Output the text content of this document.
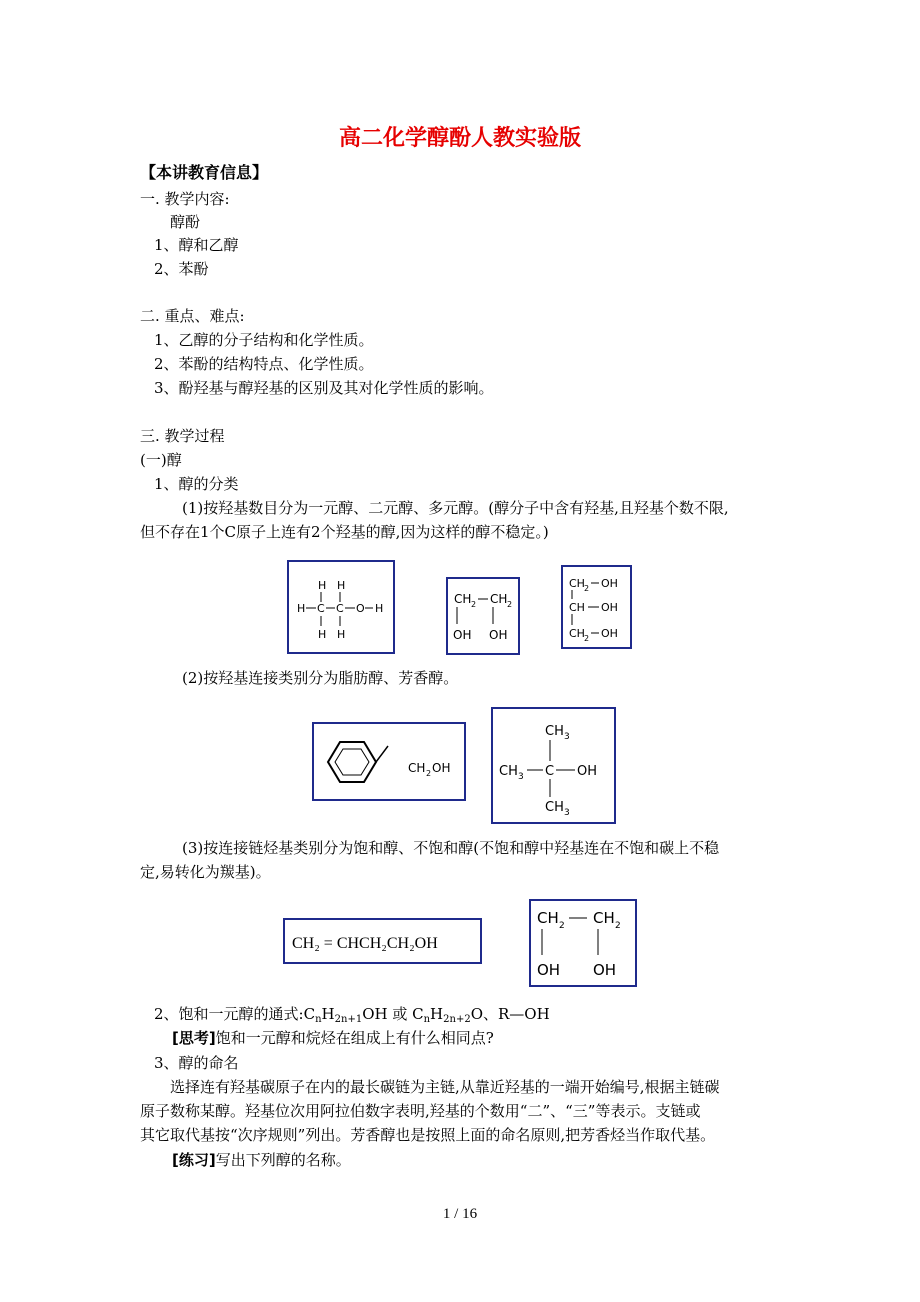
高二化学醇酚人教实验版
【本讲教育信息】
一. 教学内容:
醇酚
1、醇和乙醇
2、苯酚
二. 重点、难点:
1、乙醇的分子结构和化学性质。
2、苯酚的结构特点、化学性质。
3、酚羟基与醇羟基的区别及其对化学性质的影响。
三. 教学过程
(一)醇
1、醇的分类
(1)按羟基数目分为一元醇、二元醇、多元醇。(醇分子中含有羟基,且羟基个数不限,
但不存在1个C原子上连有2个羟基的醇,因为这样的醇不稳定。)
H H
H C C O H
H H
CH 2 CH 2
OH OH
CH 2 OH
CH OH
CH 2 OH
(2)按羟基连接类别分为脂肪醇、芳香醇。
CH 2 OH
CH 3
CH 3 C OH
CH 3
(3)按连接链烃基类别分为饱和醇、不饱和醇(不饱和醇中羟基连在不饱和碳上不稳
定,易转化为羰基)。
CH₂ = CHCH₂CH₂OH
CH 2 CH 2
OH OH
2、饱和一元醇的通式$:C_nH_{2n+1}OH$ 或 $C_nH_{2n+2}O$、R—OH
[思考]饱和一元醇和烷烃在组成上有什么相同点?
3、醇的命名
选择连有羟基碳原子在内的最长碳链为主链,从靠近羟基的一端开始编号,根据主链碳
原子数称某醇。羟基位次用阿拉伯数字表明,羟基的个数用“二”、“三”等表示。支链或
其它取代基按“次序规则”列出。芳香醇也是按照上面的命名原则,把芳香烃当作取代基。
[练习]写出下列醇的名称。
1 / 16
